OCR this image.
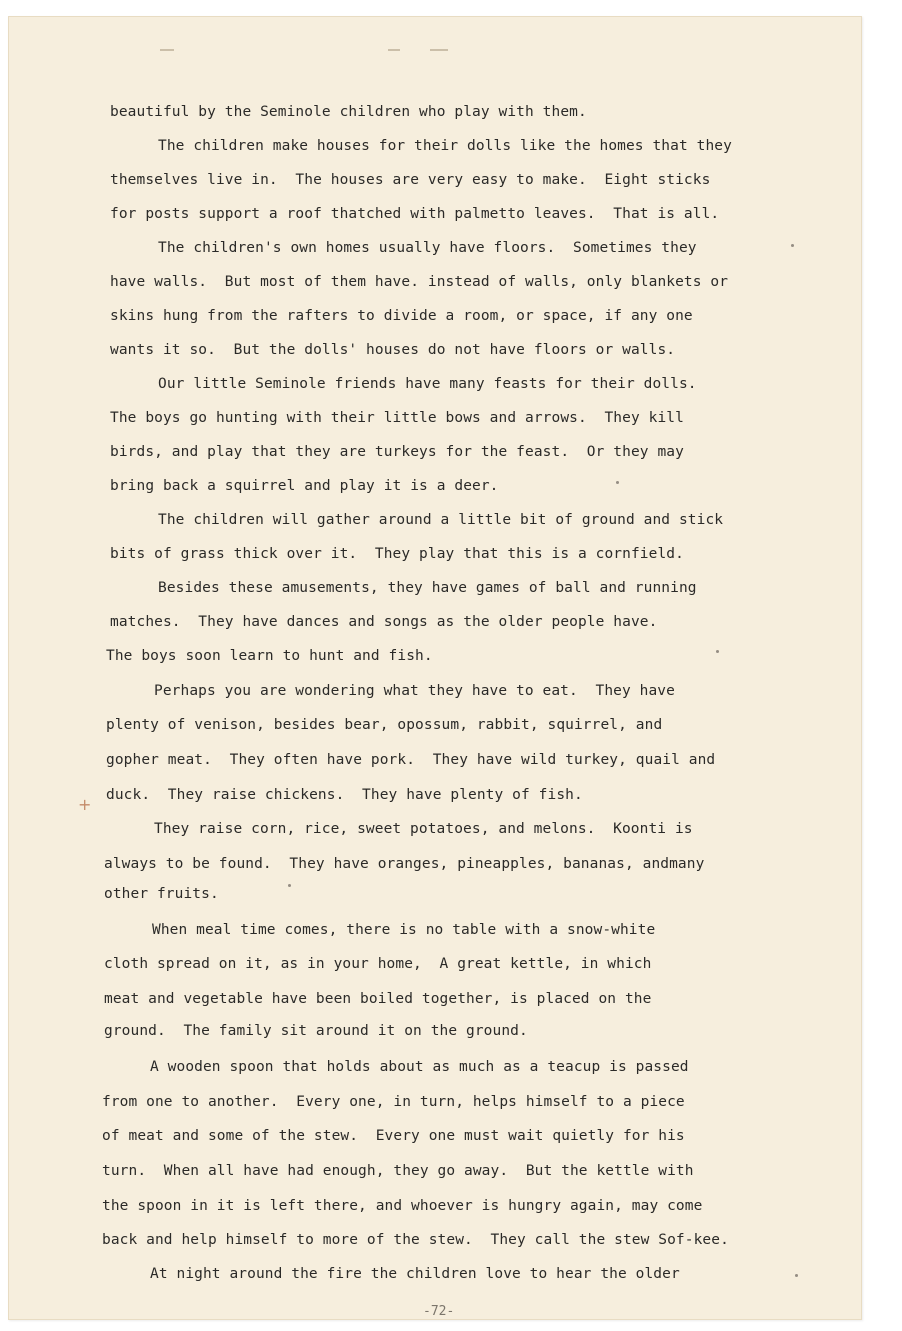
beautiful by the Seminole children who play with them.
The children make houses for their dolls like the homes that they
themselves live in.  The houses are very easy to make.  Eight sticks
for posts support a roof thatched with palmetto leaves.  That is all.
The children's own homes usually have floors.  Sometimes they
have walls.  But most of them have. instead of walls, only blankets or
skins hung from the rafters to divide a room, or space, if any one
wants it so.  But the dolls' houses do not have floors or walls.
Our little Seminole friends have many feasts for their dolls.
The boys go hunting with their little bows and arrows.  They kill
birds, and play that they are turkeys for the feast.  Or they may
bring back a squirrel and play it is a deer.
The children will gather around a little bit of ground and stick
bits of grass thick over it.  They play that this is a cornfield.
Besides these amusements, they have games of ball and running
matches.  They have dances and songs as the older people have.
The boys soon learn to hunt and fish.
Perhaps you are wondering what they have to eat.  They have
plenty of venison, besides bear, opossum, rabbit, squirrel, and
gopher meat.  They often have pork.  They have wild turkey, quail and
duck.  They raise chickens.  They have plenty of fish.
They raise corn, rice, sweet potatoes, and melons.  Koonti is
always to be found.  They have oranges, pineapples, bananas, andmany
other fruits.
When meal time comes, there is no table with a snow-white
cloth spread on it, as in your home,  A great kettle, in which
meat and vegetable have been boiled together, is placed on the
ground.  The family sit around it on the ground.
A wooden spoon that holds about as much as a teacup is passed
from one to another.  Every one, in turn, helps himself to a piece
of meat and some of the stew.  Every one must wait quietly for his
turn.  When all have had enough, they go away.  But the kettle with
the spoon in it is left there, and whoever is hungry again, may come
back and help himself to more of the stew.  They call the stew Sof-kee.
At night around the fire the children love to hear the older
+
-72-
